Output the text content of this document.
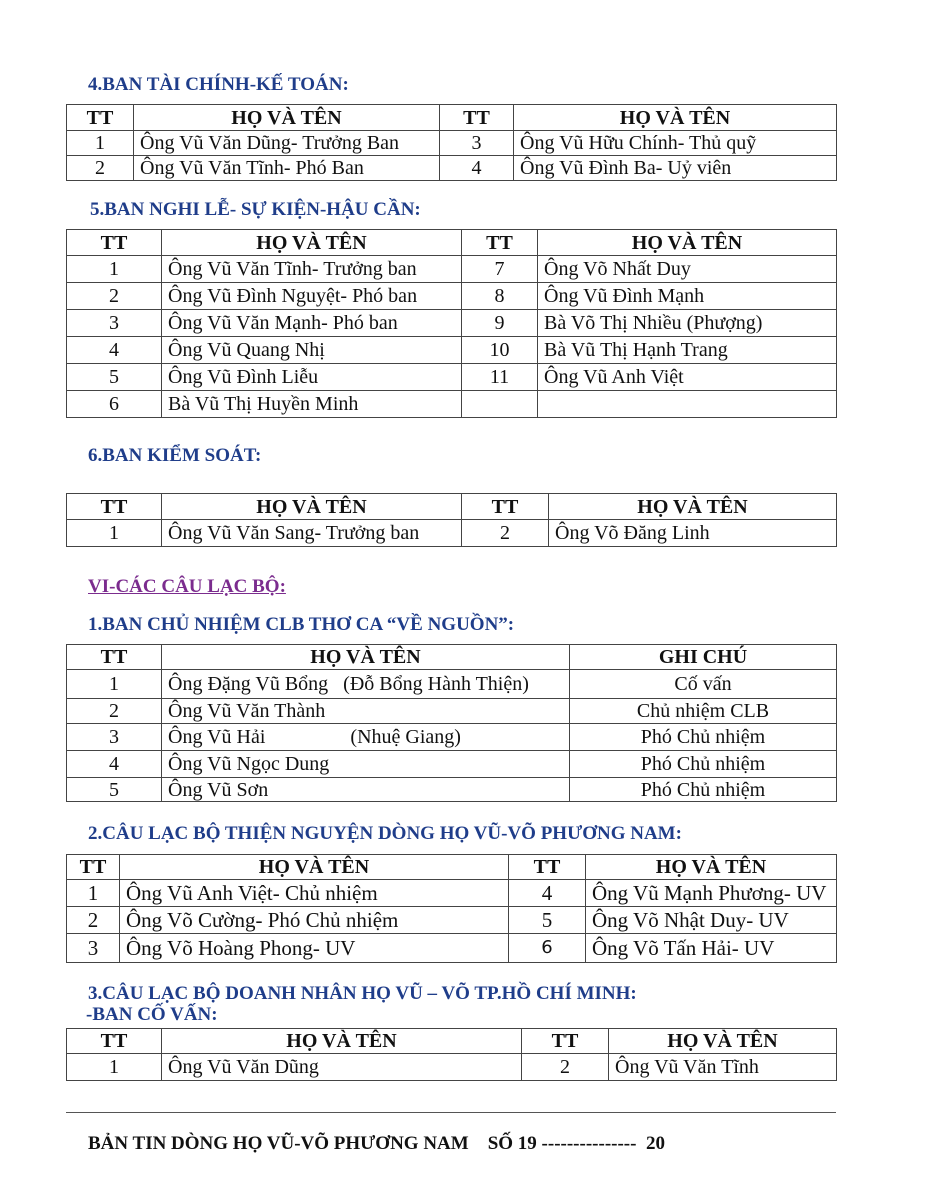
4.BAN TÀI CHÍNH-KẾ TOÁN:
TT	HỌ VÀ TÊN	TT	HỌ VÀ TÊN
1	Ông Vũ Văn Dũng- Trưởng Ban	3	Ông Vũ Hữu Chính- Thủ quỹ
2	Ông Vũ Văn Tĩnh- Phó Ban	4	Ông Vũ Đình Ba- Uỷ viên
5.BAN NGHI LỄ- SỰ KIỆN-HẬU CẦN:
TT	HỌ VÀ TÊN	TT	HỌ VÀ TÊN
1	Ông Vũ Văn Tĩnh- Trưởng ban	7	Ông Võ Nhất Duy
2	Ông Vũ Đình Nguyệt- Phó ban	8	Ông Vũ Đình Mạnh
3	Ông Vũ Văn Mạnh- Phó ban	9	Bà Võ Thị Nhiều (Phượng)
4	Ông Vũ Quang Nhị	10	Bà Vũ Thị Hạnh Trang
5	Ông Vũ Đình Liễu	11	Ông Vũ Anh Việt
6	Bà Vũ Thị Huyền Minh		
6.BAN KIỂM SOÁT:
TT	HỌ VÀ TÊN	TT	HỌ VÀ TÊN
1	Ông Vũ Văn Sang- Trưởng ban	2	Ông Võ Đăng Linh
VI-CÁC CÂU LẠC BỘ:
1.BAN CHỦ NHIỆM CLB THƠ CA “VỀ NGUỒN”:
TT	HỌ VÀ TÊN	GHI CHÚ
1	Ông Đặng Vũ Bổng   (Đỗ Bổng Hành Thiện)	Cố vấn
2	Ông Vũ Văn Thành	Chủ nhiệm CLB
3	Ông Vũ Hải                 (Nhuệ Giang)	Phó Chủ nhiệm
4	Ông Vũ Ngọc Dung	Phó Chủ nhiệm
5	Ông Vũ Sơn	Phó Chủ nhiệm
2.CÂU LẠC BỘ THIỆN NGUYỆN DÒNG HỌ VŨ-VÕ PHƯƠNG NAM:
TT	HỌ VÀ TÊN	TT	HỌ VÀ TÊN
1	Ông Vũ Anh Việt- Chủ nhiệm	4	Ông Vũ Mạnh Phương- UV
2	Ông Võ Cường- Phó Chủ nhiệm	5	Ông Võ Nhật Duy- UV
3	Ông Võ Hoàng Phong- UV	6	Ông Võ Tấn Hải- UV
3.CÂU LẠC BỘ DOANH NHÂN HỌ VŨ – VÕ TP.HỒ CHÍ MINH:
-BAN CỐ VẤN:
TT	HỌ VÀ TÊN	TT	HỌ VÀ TÊN
1	Ông Vũ Văn Dũng	2	Ông Vũ Văn Tĩnh
BẢN TIN DÒNG HỌ VŨ-VÕ PHƯƠNG NAM    SỐ 19 ---------------  20
